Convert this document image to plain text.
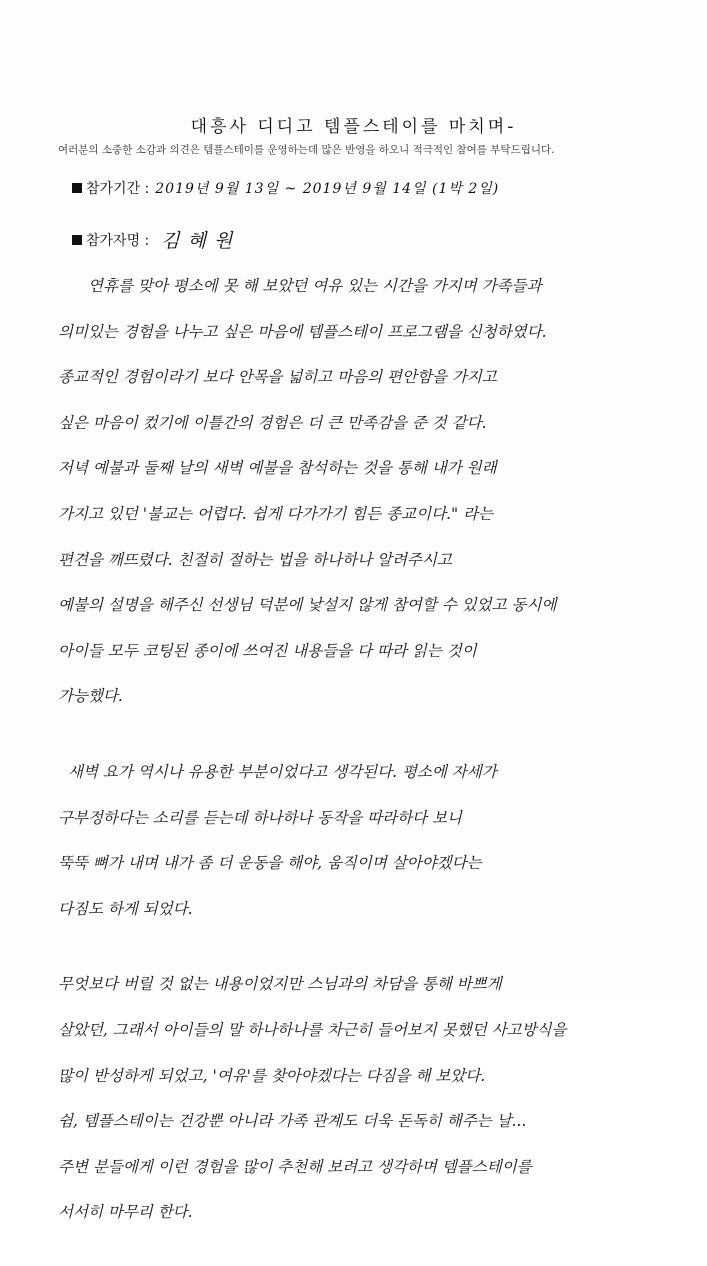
대흥사 디디고 템플스테이를 마치며-
여러분의 소중한 소감과 의견은 템플스테이를 운영하는데 많은 반영을 하오니 적극적인 참여를 부탁드립니다.
참가기간 : 2019년 9월 13일 ~ 2019년 9월 14일 (1박 2일)
참가자명 : 김 혜 원
연휴를 맞아 평소에 못 해 보았던 여유 있는 시간을 가지며 가족들과
의미있는 경험을 나누고 싶은 마음에 템플스테이 프로그램을 신청하였다.
종교적인 경험이라기 보다 안목을 넓히고 마음의 편안함을 가지고
싶은 마음이 컸기에 이틀간의 경험은 더 큰 만족감을 준 것 같다.
저녁 예불과 둘째 날의 새벽 예불을 참석하는 것을 통해 내가 원래
가지고 있던 '불교는 어렵다. 쉽게 다가가기 힘든 종교이다." 라는
편견을 깨뜨렸다. 친절히 절하는 법을 하나하나 알려주시고
예불의 설명을 해주신 선생님 덕분에 낯설지 않게 참여할 수 있었고 동시에
아이들 모두 코팅된 종이에 쓰여진 내용들을 다 따라 읽는 것이
가능했다.
새벽 요가 역시나 유용한 부분이었다고 생각된다. 평소에 자세가
구부정하다는 소리를 듣는데 하나하나 동작을 따라하다 보니
뚝뚝 뼈가 내며 내가 좀 더 운동을 해야, 움직이며 살아야겠다는
다짐도 하게 되었다.
무엇보다 버릴 것 없는 내용이었지만 스님과의 차담을 통해 바쁘게
살았던, 그래서 아이들의 말 하나하나를 차근히 들어보지 못했던 사고방식을
많이 반성하게 되었고, '여유'를 찾아야겠다는 다짐을 해 보았다.
쉼, 템플스테이는 건강뿐 아니라 가족 관계도 더욱 돈독히 해주는 날...
주변 분들에게 이런 경험을 많이 추천해 보려고 생각하며 템플스테이를
서서히 마무리 한다.
